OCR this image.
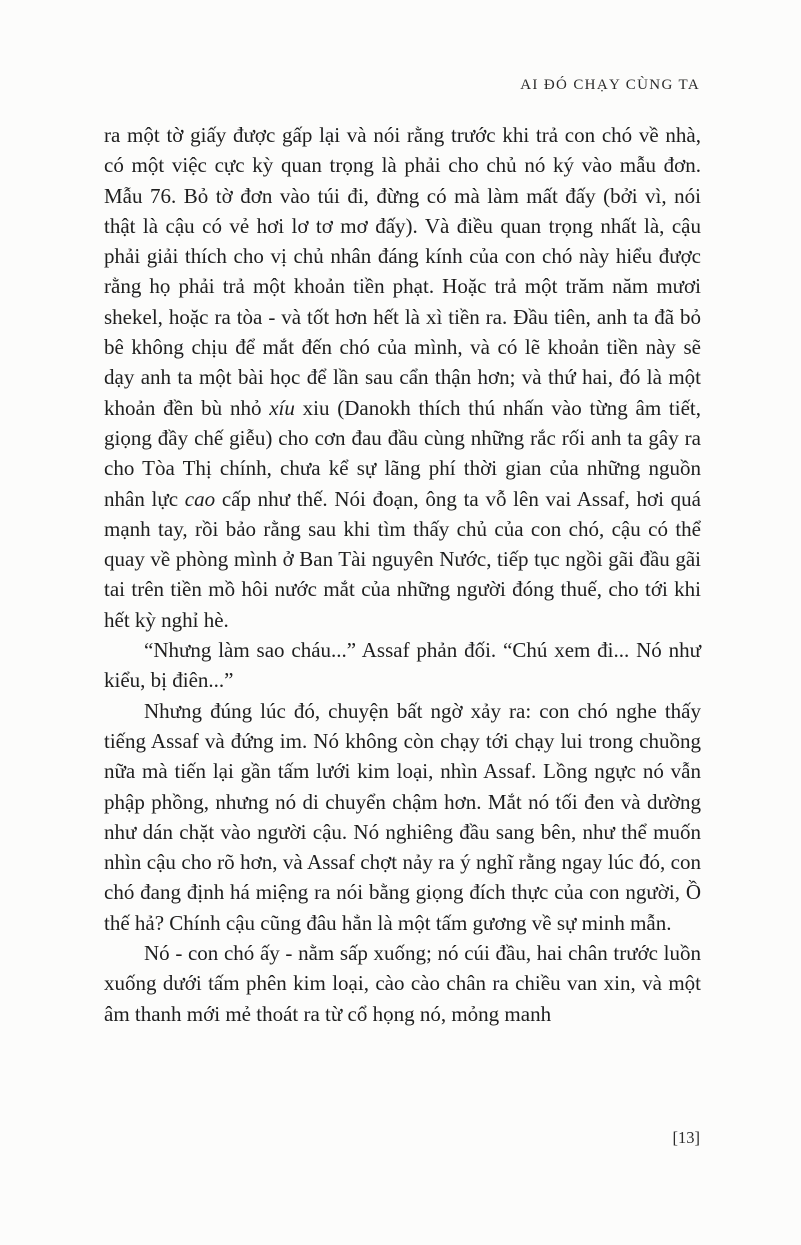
AI ĐÓ CHẠY CÙNG TA

ra một tờ giấy được gấp lại và nói rằng trước khi trả con chó về nhà, có một việc cực kỳ quan trọng là phải cho chủ nó ký vào mẫu đơn. Mẫu 76. Bỏ tờ đơn vào túi đi, đừng có mà làm mất đấy (bởi vì, nói thật là cậu có vẻ hơi lơ tơ mơ đấy). Và điều quan trọng nhất là, cậu phải giải thích cho vị chủ nhân đáng kính của con chó này hiểu được rằng họ phải trả một khoản tiền phạt. Hoặc trả một trăm năm mươi shekel, hoặc ra tòa - và tốt hơn hết là xì tiền ra. Đầu tiên, anh ta đã bỏ bê không chịu để mắt đến chó của mình, và có lẽ khoản tiền này sẽ dạy anh ta một bài học để lần sau cẩn thận hơn; và thứ hai, đó là một khoản đền bù nhỏ xíu xiu (Danokh thích thú nhấn vào từng âm tiết, giọng đầy chế giễu) cho cơn đau đầu cùng những rắc rối anh ta gây ra cho Tòa Thị chính, chưa kể sự lãng phí thời gian của những nguồn nhân lực cao cấp như thế. Nói đoạn, ông ta vỗ lên vai Assaf, hơi quá mạnh tay, rồi bảo rằng sau khi tìm thấy chủ của con chó, cậu có thể quay về phòng mình ở Ban Tài nguyên Nước, tiếp tục ngồi gãi đầu gãi tai trên tiền mồ hôi nước mắt của những người đóng thuế, cho tới khi hết kỳ nghỉ hè.

“Nhưng làm sao cháu...” Assaf phản đối. “Chú xem đi... Nó như kiểu, bị điên...”

Nhưng đúng lúc đó, chuyện bất ngờ xảy ra: con chó nghe thấy tiếng Assaf và đứng im. Nó không còn chạy tới chạy lui trong chuồng nữa mà tiến lại gần tấm lưới kim loại, nhìn Assaf. Lồng ngực nó vẫn phập phồng, nhưng nó di chuyển chậm hơn. Mắt nó tối đen và dường như dán chặt vào người cậu. Nó nghiêng đầu sang bên, như thể muốn nhìn cậu cho rõ hơn, và Assaf chợt nảy ra ý nghĩ rằng ngay lúc đó, con chó đang định há miệng ra nói bằng giọng đích thực của con người, Ồ thế hả? Chính cậu cũng đâu hẳn là một tấm gương về sự minh mẫn.

Nó - con chó ấy - nằm sấp xuống; nó cúi đầu, hai chân trước luồn xuống dưới tấm phên kim loại, cào cào chân ra chiều van xin, và một âm thanh mới mẻ thoát ra từ cổ họng nó, mỏng manh

[13]
